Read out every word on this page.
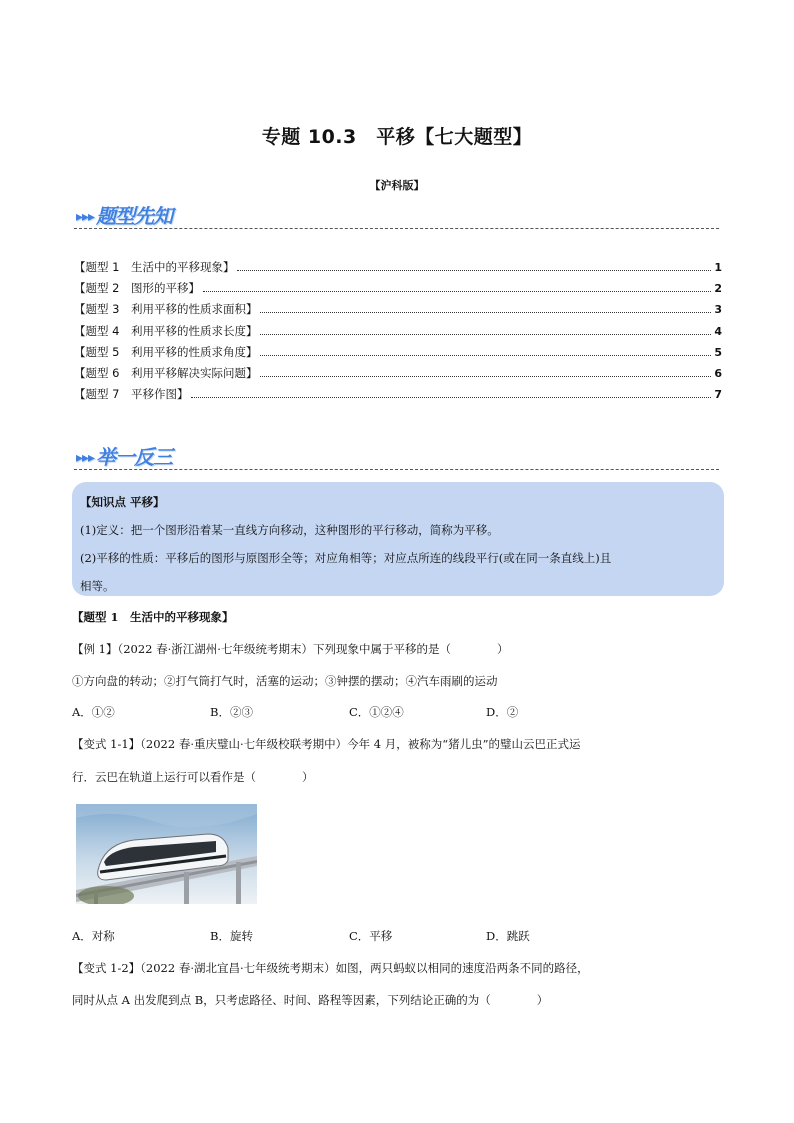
专题 10.3　平移【七大题型】
【沪科版】
▸▸▸ 题型先知
【题型 1　生活中的平移现象】	1
【题型 2　图形的平移】	2
【题型 3　利用平移的性质求面积】	3
【题型 4　利用平移的性质求长度】	4
【题型 5　利用平移的性质求角度】	5
【题型 6　利用平移解决实际问题】	6
【题型 7　平移作图】	7
▸▸▸ 举一反三
【知识点 平移】
(1)定义：把一个图形沿着某一直线方向移动，这种图形的平行移动，简称为平移。
(2)平移的性质：平移后的图形与原图形全等；对应角相等；对应点所连的线段平行(或在同一条直线上)且
相等。
【题型 1　生活中的平移现象】
【例 1】（2022 春·浙江湖州·七年级统考期末）下列现象中属于平移的是（　　　　）
①方向盘的转动；②打气筒打气时，活塞的运动；③钟摆的摆动；④汽车雨刷的运动
A．①②	B．②③	C．①②④	D．②
【变式 1-1】（2022 春·重庆璧山·七年级校联考期中）今年 4 月，被称为“猪儿虫”的璧山云巴正式运
行．云巴在轨道上运行可以看作是（　　　　）
A．对称	B．旋转	C．平移	D．跳跃
【变式 1-2】（2022 春·湖北宜昌·七年级统考期末）如图，两只蚂蚁以相同的速度沿两条不同的路径，
同时从点 A 出发爬到点 B，只考虑路径、时间、路程等因素，下列结论正确的为（　　　　）
